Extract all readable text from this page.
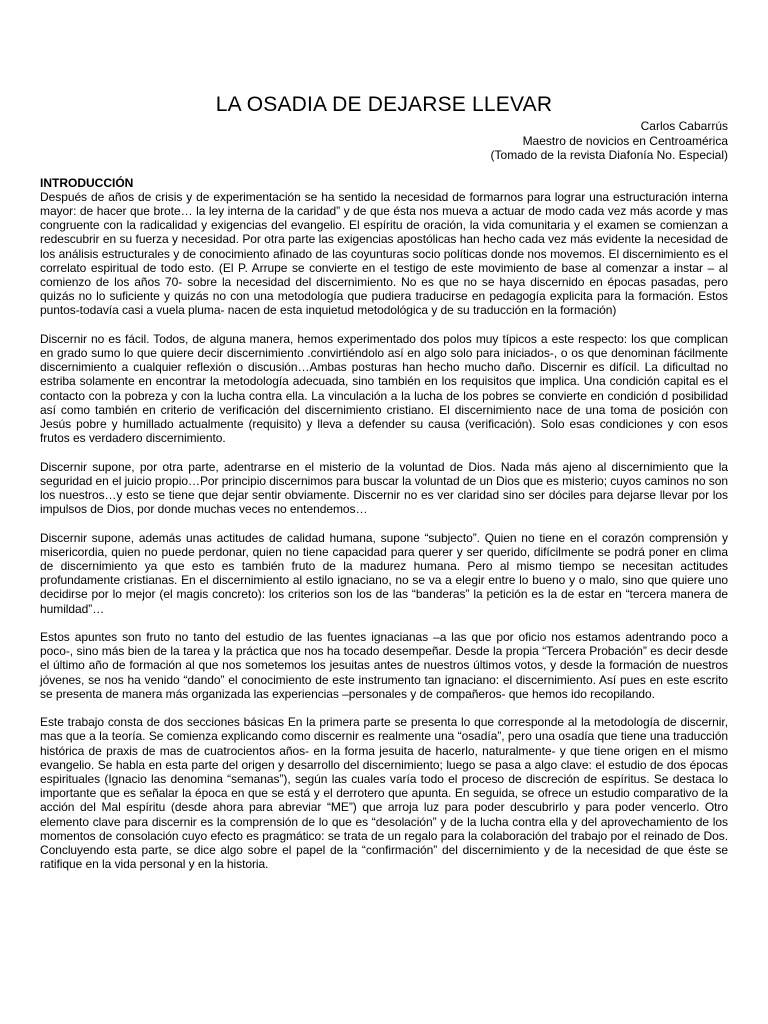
LA OSADIA DE DEJARSE LLEVAR
Carlos Cabarrús
Maestro de novicios en Centroamérica
(Tomado de la revista Diafonía No. Especial)
INTRODUCCIÓN

Después de años de crisis y de experimentación se ha sentido la necesidad de formarnos para lograr una estructuración interna mayor: de hacer que brote… la ley interna de la caridad” y de que ésta nos mueva a actuar de modo cada vez más acorde y mas congruente con la radicalidad y exigencias del evangelio. El espíritu de oración, la vida comunitaria y el examen se comienzan a redescubrir en su fuerza y necesidad. Por otra parte las exigencias apostólicas han hecho cada vez más evidente la necesidad de los análisis estructurales y de conocimiento afinado de las coyunturas socio políticas donde nos movemos. El discernimiento es el correlato espiritual de todo esto. (El P. Arrupe se convierte en el testigo de este movimiento de base al comenzar a instar – al comienzo de los años 70- sobre la necesidad del discernimiento. No es que no se haya discernido en épocas pasadas, pero quizás no lo suficiente y quizás no con una metodología que pudiera traducirse en pedagogía explicita para la formación. Estos puntos-todavía casi a vuela pluma- nacen de esta inquietud metodológica y de su traducción en la formación)

Discernir no es fácil. Todos, de alguna manera, hemos experimentado dos polos muy típicos a este respecto: los que complican en grado sumo lo que quiere decir discernimiento .convirtiéndolo así en algo solo para iniciados-, o os que denominan fácilmente discernimiento a cualquier reflexión o discusión…Ambas posturas han hecho mucho daño. Discernir es difícil. La dificultad no estriba solamente en encontrar la metodología adecuada, sino también en los requisitos que implica. Una condición capital es el contacto con la pobreza y con la lucha contra ella. La vinculación a la lucha de los pobres se convierte en condición d posibilidad así como también en criterio de verificación del discernimiento cristiano. El discernimiento nace de una toma de posición con Jesús pobre y humillado actualmente (requisito) y lleva a defender su causa (verificación). Solo esas condiciones y con esos frutos es verdadero discernimiento.

Discernir supone, por otra parte, adentrarse en el misterio de la voluntad de Dios. Nada más ajeno al discernimiento que la seguridad en el juicio propio…Por principio discernimos para buscar la voluntad de un Dios que es misterio; cuyos caminos no son los nuestros…y esto se tiene que dejar sentir obviamente. Discernir no es ver claridad sino ser dóciles para dejarse llevar por los impulsos de Dios, por donde muchas veces no entendemos…

Discernir supone, además unas actitudes de calidad humana, supone “subjecto”. Quien no tiene en el corazón comprensión y misericordia, quien no puede perdonar, quien no tiene capacidad para querer y ser querido, difícilmente se podrá poner en clima de discernimiento ya que esto es también fruto de la madurez humana. Pero al mismo tiempo se necesitan actitudes profundamente cristianas. En el discernimiento al estilo ignaciano, no se va a elegir entre lo bueno y o malo, sino que quiere uno decidirse por lo mejor (el magis concreto): los criterios son los de las “banderas” la petición es la de estar en “tercera manera de humildad”…

Estos apuntes son fruto no tanto del estudio de las fuentes ignacianas –a las que por oficio nos estamos adentrando poco a poco-, sino más bien de la tarea y la práctica que nos ha tocado desempeñar. Desde la propia “Tercera Probación” es decir desde el último año de formación al que nos sometemos los jesuitas antes de nuestros últimos votos, y desde la formación de nuestros jóvenes, se nos ha venido “dando” el conocimiento de este instrumento tan ignaciano: el discernimiento. Así pues en este escrito se presenta de manera más organizada las experiencias –personales y de compañeros- que hemos ido recopilando.

Este trabajo consta de dos secciones básicas En la primera parte se presenta lo que corresponde al la metodología de discernir, mas que a la teoría. Se comienza explicando como discernir es realmente una “osadía”, pero una osadía que tiene una traducción histórica de praxis de mas de cuatrocientos años- en la forma jesuita de hacerlo, naturalmente- y que tiene origen en el mismo evangelio. Se habla en esta parte del origen y desarrollo del discernimiento; luego se pasa a algo clave: el estudio de dos épocas espirituales (Ignacio las denomina “semanas”), según las cuales varía todo el proceso de discreción de espíritus. Se destaca lo importante que es señalar la época en que se está y el derrotero que apunta. En seguida, se ofrece un estudio comparativo de la acción del Mal espíritu (desde ahora para abreviar “ME”) que arroja luz para poder descubrirlo y para poder vencerlo. Otro elemento clave para discernir es la comprensión de lo que es “desolación” y de la lucha contra ella y del aprovechamiento de los momentos de consolación cuyo efecto es pragmático: se trata de un regalo para la colaboración del trabajo por el reinado de Dos. Concluyendo esta parte, se dice algo sobre el papel de la “confirmación” del discernimiento y de la necesidad de que éste se ratifique en la vida personal y en la historia.
